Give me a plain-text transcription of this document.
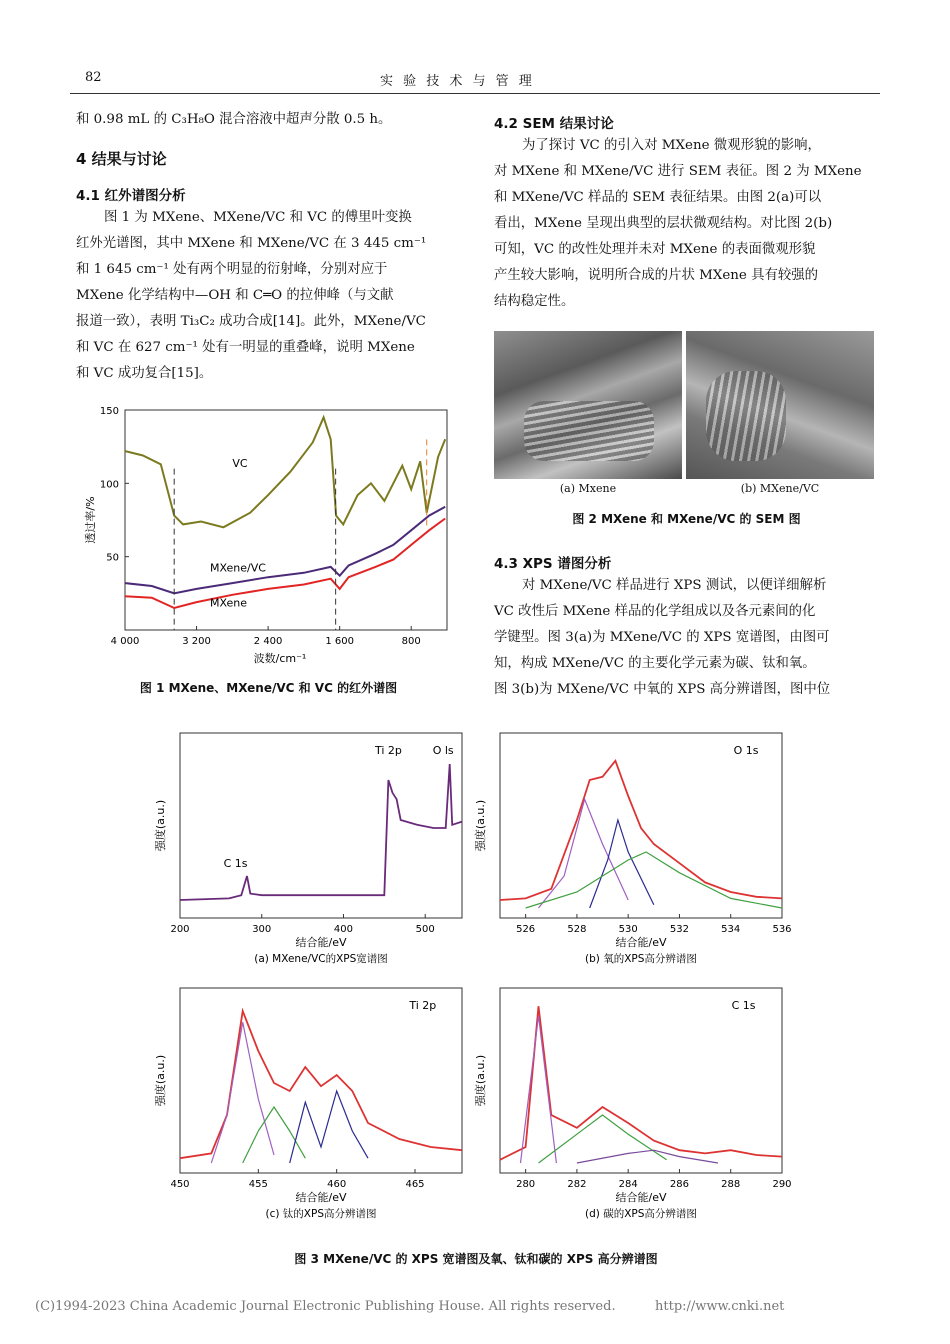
82	实 验 技 术 与 管 理
和 0.98 mL 的 C₃H₈O 混合溶液中超声分散 0.5 h。
4 结果与讨论
4.1 红外谱图分析
图 1 为 MXene、MXene/VC 和 VC 的傅里叶变换
红外光谱图，其中 MXene 和 MXene/VC 在 3 445 cm⁻¹
和 1 645 cm⁻¹ 处有两个明显的衍射峰，分别对应于
MXene 化学结构中—OH 和 C═O 的拉伸峰（与文献
报道一致），表明 Ti₃C₂ 成功合成[14]。此外，MXene/VC
和 VC 在 627 cm⁻¹ 处有一明显的重叠峰，说明 MXene
和 VC 成功复合[15]。
4 000	3 200	2 400	1 600	800
50
100
150
VC
MXene/VC
MXene
透过率/%
波数/cm⁻¹
图 1 MXene、MXene/VC 和 VC 的红外谱图
4.2 SEM 结果讨论
为了探讨 VC 的引入对 MXene 微观形貌的影响，
对 MXene 和 MXene/VC 进行 SEM 表征。图 2 为 MXene
和 MXene/VC 样品的 SEM 表征结果。由图 2(a)可以
看出，MXene 呈现出典型的层状微观结构。对比图 2(b)
可知，VC 的改性处理并未对 MXene 的表面微观形貌
产生较大影响，说明所合成的片状 MXene 具有较强的
结构稳定性。
(a) Mxene	(b) MXene/VC
图 2 MXene 和 MXene/VC 的 SEM 图
4.3 XPS 谱图分析
对 MXene/VC 样品进行 XPS 测试，以便详细解析
VC 改性后 MXene 样品的化学组成以及各元素间的化
学键型。图 3(a)为 MXene/VC 的 XPS 宽谱图，由图可
知，构成 MXene/VC 的主要化学元素为碳、钛和氧。
图 3(b)为 MXene/VC 中氧的 XPS 高分辨谱图，图中位
200	300	400	500
C 1s
Ti 2p	O ls
强度(a.u.)
结合能/eV
(a) MXene/VC的XPS宽谱图
526	528	530	532	534	536
O 1s
强度(a.u.)
结合能/eV
(b) 氧的XPS高分辨谱图
450	455	460	465
Ti 2p
强度(a.u.)
结合能/eV
(c) 钛的XPS高分辨谱图
280	282	284	286	288	290
C 1s
强度(a.u.)
结合能/eV
(d) 碳的XPS高分辨谱图
图 3 MXene/VC 的 XPS 宽谱图及氧、钛和碳的 XPS 高分辨谱图
(C)1994-2023 China Academic Journal Electronic Publishing House. All rights reserved.	http://www.cnki.net
